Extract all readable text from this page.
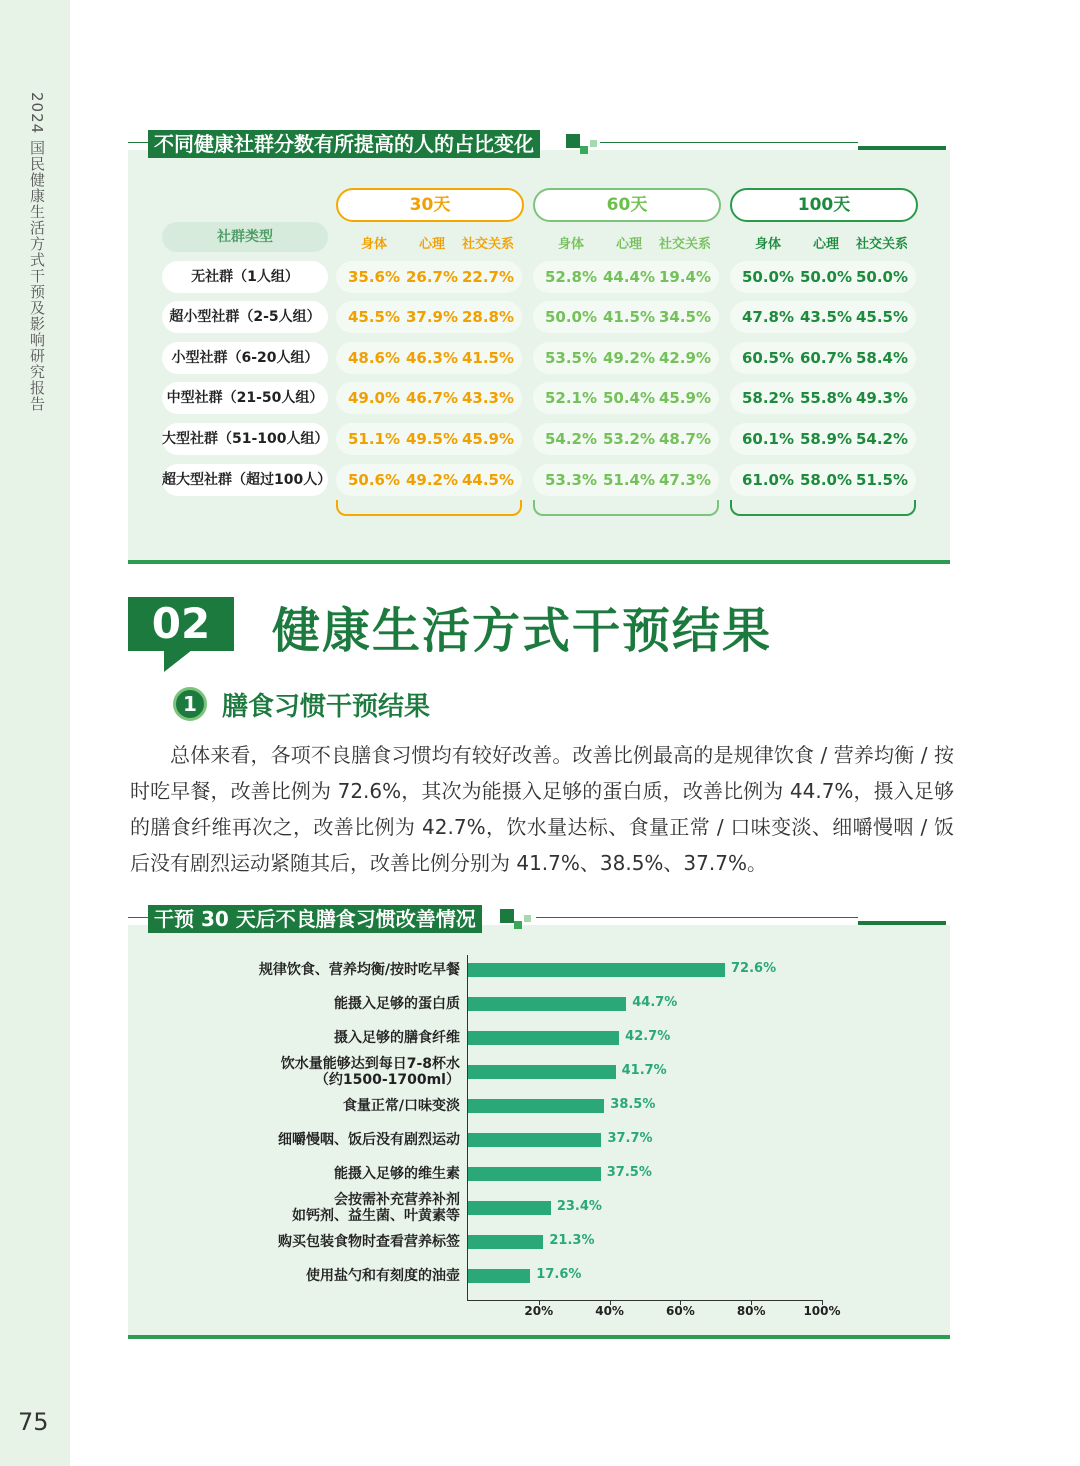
2024 国民健康生活方式干预及影响研究报告
75
不同健康社群分数有所提高的人的占比变化
社群类型
30天
身体	心理	社交关系
60天
身体	心理	社交关系
100天
身体	心理	社交关系
无社群（1人组）	35.6% 26.7% 22.7% 52.8% 44.4% 19.4% 50.0% 50.0% 50.0%
超小型社群（2-5人组）	45.5% 37.9% 28.8% 50.0% 41.5% 34.5% 47.8% 43.5% 45.5%
小型社群（6-20人组）	48.6% 46.3% 41.5% 53.5% 49.2% 42.9% 60.5% 60.7% 58.4%
中型社群（21-50人组）	49.0% 46.7% 43.3% 52.1% 50.4% 45.9% 58.2% 55.8% 49.3%
大型社群（51-100人组） 51.1% 49.5% 45.9% 54.2% 53.2% 48.7% 60.1% 58.9% 54.2%
超大型社群（超过100人） 50.6% 49.2% 44.5% 53.3% 51.4% 47.3% 61.0% 58.0% 51.5%
02	健康生活方式干预结果
1 膳食习惯干预结果

总体来看，各项不良膳食习惯均有较好改善。改善比例最高的是规律饮食 / 营养均衡 / 按时吃早餐，改善比例为 72.6%，其次为能摄入足够的蛋白质，改善比例为 44.7%，摄入足够的膳食纤维再次之，改善比例为 42.7%，饮水量达标、食量正常 / 口味变淡、细嚼慢咽 / 饭后没有剧烈运动紧随其后，改善比例分别为 41.7%、38.5%、37.7%。

干预 30 天后不良膳食习惯改善情况
规律饮食、营养均衡/按时吃早餐	72.6%
能摄入足够的蛋白质	44.7%
摄入足够的膳食纤维	42.7%
饮水量能够达到每日7-8杯水
（约1500-1700ml）
41.7%
食量正常/口味变淡	38.5%
细嚼慢咽、饭后没有剧烈运动	37.7%
能摄入足够的维生素	37.5%
会按需补充营养补剂
如钙剂、益生菌、叶黄素等
23.4%
购买包装食物时查看营养标签	21.3%
使用盐勺和有刻度的油壶	17.6%
20%	40%	60%	80%	100%
